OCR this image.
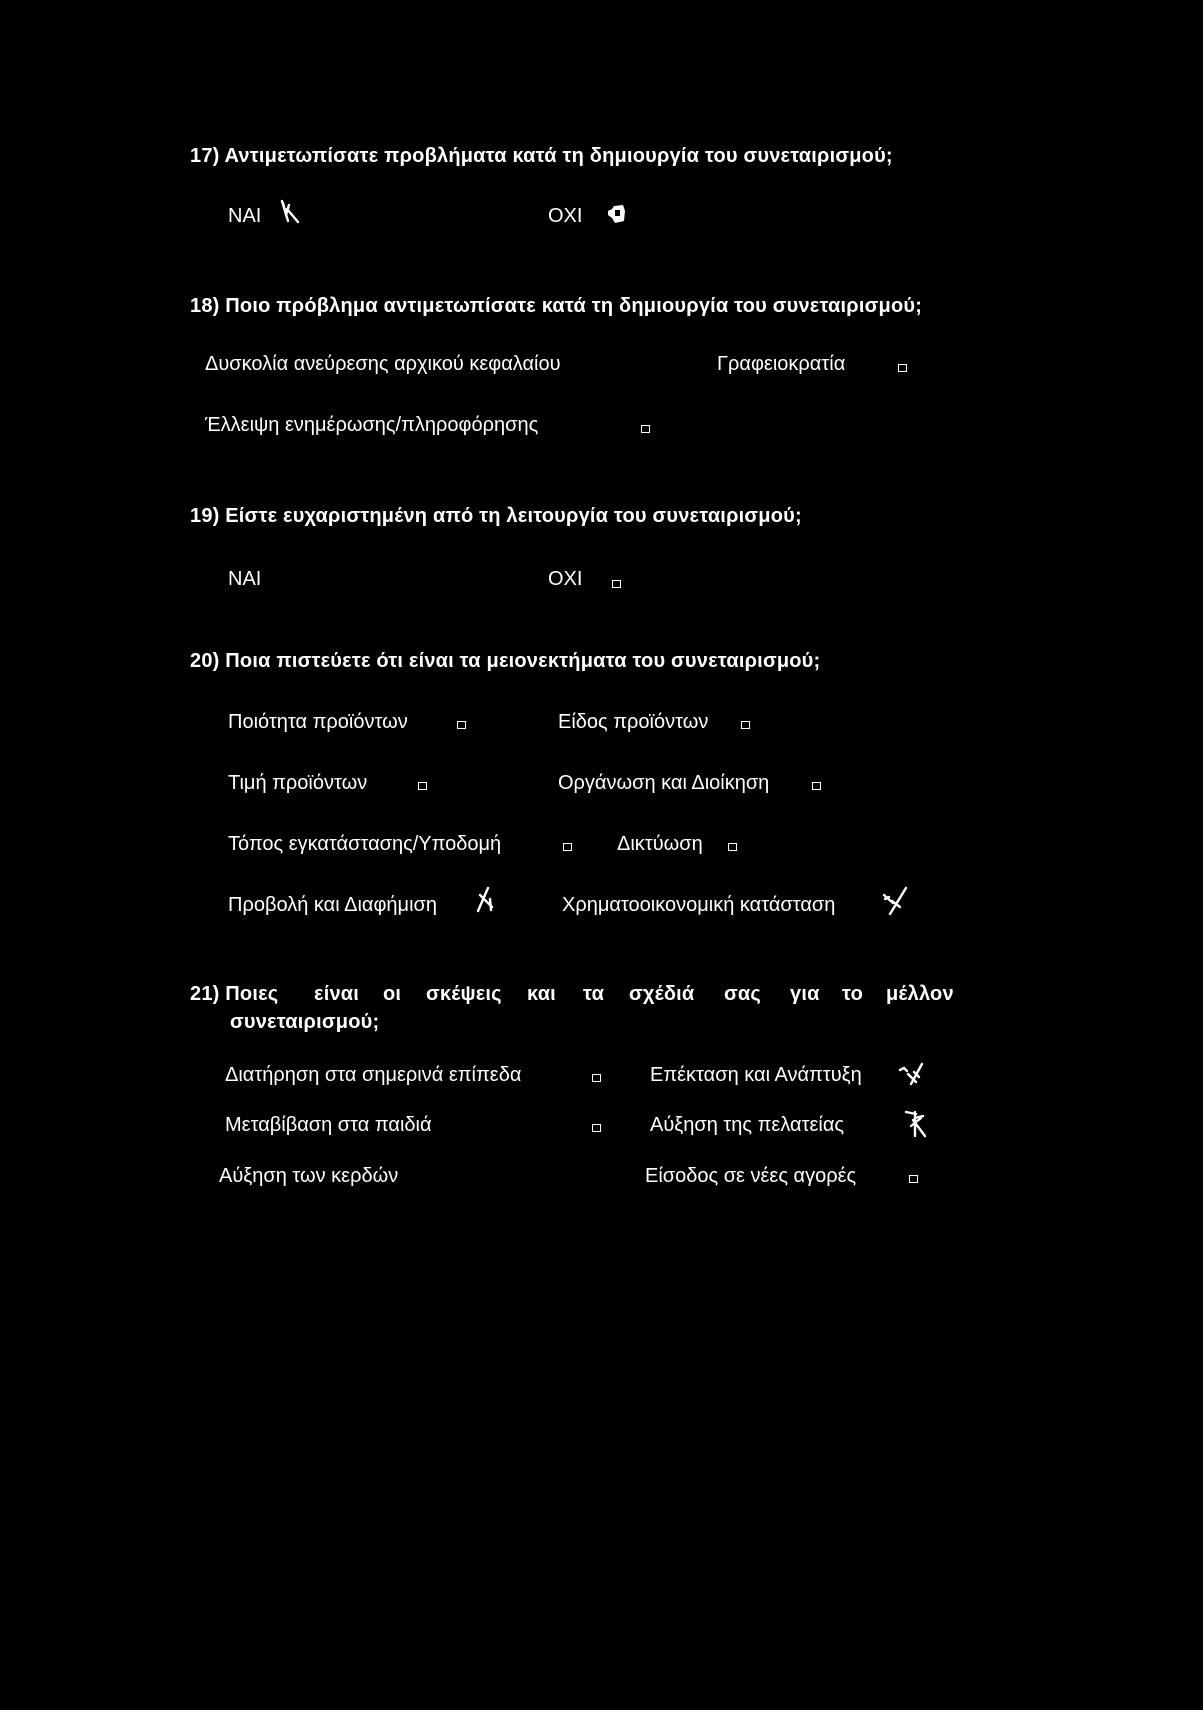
17) Αντιμετωπίσατε προβλήματα κατά τη δημιουργία του συνεταιρισμού;
ΝΑΙ	ΟΧΙ
18) Ποιο πρόβλημα αντιμετωπίσατε κατά τη δημιουργία του συνεταιρισμού;
Δυσκολία ανεύρεσης αρχικού κεφαλαίου	Γραφειοκρατία
Έλλειψη ενημέρωσης/πληροφόρησης
19) Είστε ευχαριστημένη από τη λειτουργία του συνεταιρισμού;
ΝΑΙ	ΟΧΙ
20) Ποια πιστεύετε ότι είναι τα μειονεκτήματα του συνεταιρισμού;
Ποιότητα προϊόντων	Είδος προϊόντων
Τιμή προϊόντων	Οργάνωση και Διοίκηση
Τόπος εγκατάστασης/Υποδομή	Δικτύωση
Προβολή και Διαφήμιση	Χρηματοοικονομική κατάσταση
21) Ποιες είναι οι σκέψεις και τα σχέδιά σας για το μέλλον
συνεταιρισμού;
Διατήρηση στα σημερινά επίπεδα	Επέκταση και Ανάπτυξη
Μεταβίβαση στα παιδιά	Αύξηση της πελατείας
Αύξηση των κερδών	Είσοδος σε νέες αγορές
